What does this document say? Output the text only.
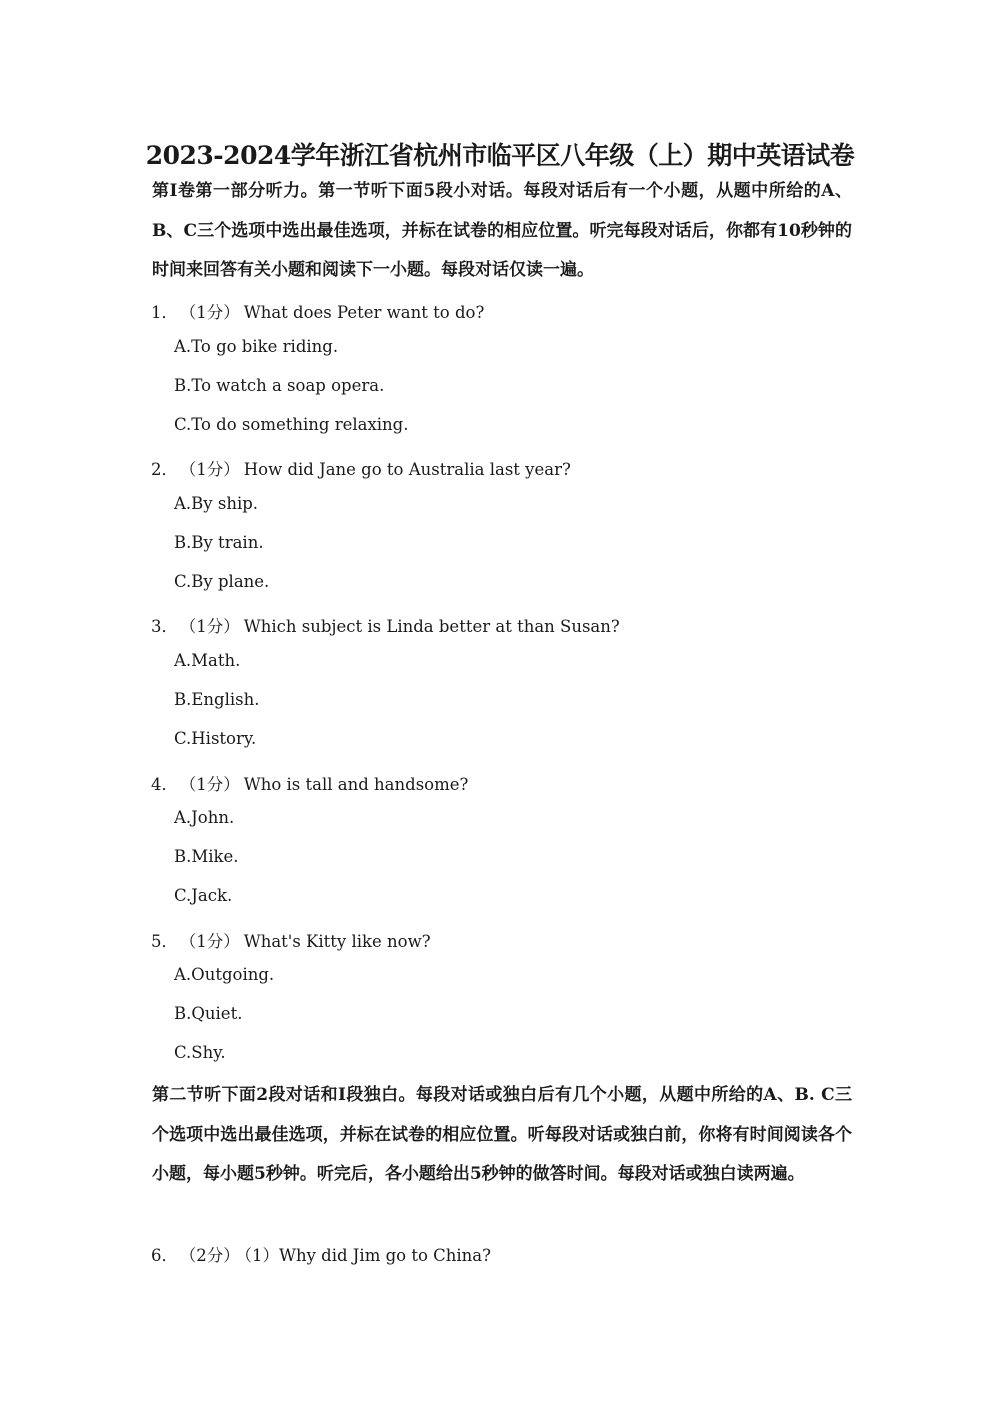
2023-2024学年浙江省杭州市临平区八年级（上）期中英语试卷
第I卷第一部分听力。第一节听下面5段小对话。每段对话后有一个小题，从题中所给的A、B、C三个选项中选出最佳选项，并标在试卷的相应位置。听完每段对话后，你都有10秒钟的时间来回答有关小题和阅读下一小题。每段对话仅读一遍。
1． （1分） What does Peter want to do?
A.To go bike riding.
B.To watch a soap opera.
C.To do something relaxing.
2． （1分） How did Jane go to Australia last year?
A.By ship.
B.By train.
C.By plane.
3． （1分） Which subject is Linda better at than Susan?
A.Math.
B.English.
C.History.
4． （1分） Who is tall and handsome?
A.John.
B.Mike.
C.Jack.
5． （1分） What's Kitty like now?
A.Outgoing.
B.Quiet.
C.Shy.
第二节听下面2段对话和I段独白。每段对话或独白后有几个小题，从题中所给的A、B. C三个选项中选出最佳选项，并标在试卷的相应位置。听每段对话或独白前，你将有时间阅读各个小题，每小题5秒钟。听完后，各小题给出5秒钟的做答时间。每段对话或独白读两遍。
6． （2分） （1）Why did Jim go to China?
